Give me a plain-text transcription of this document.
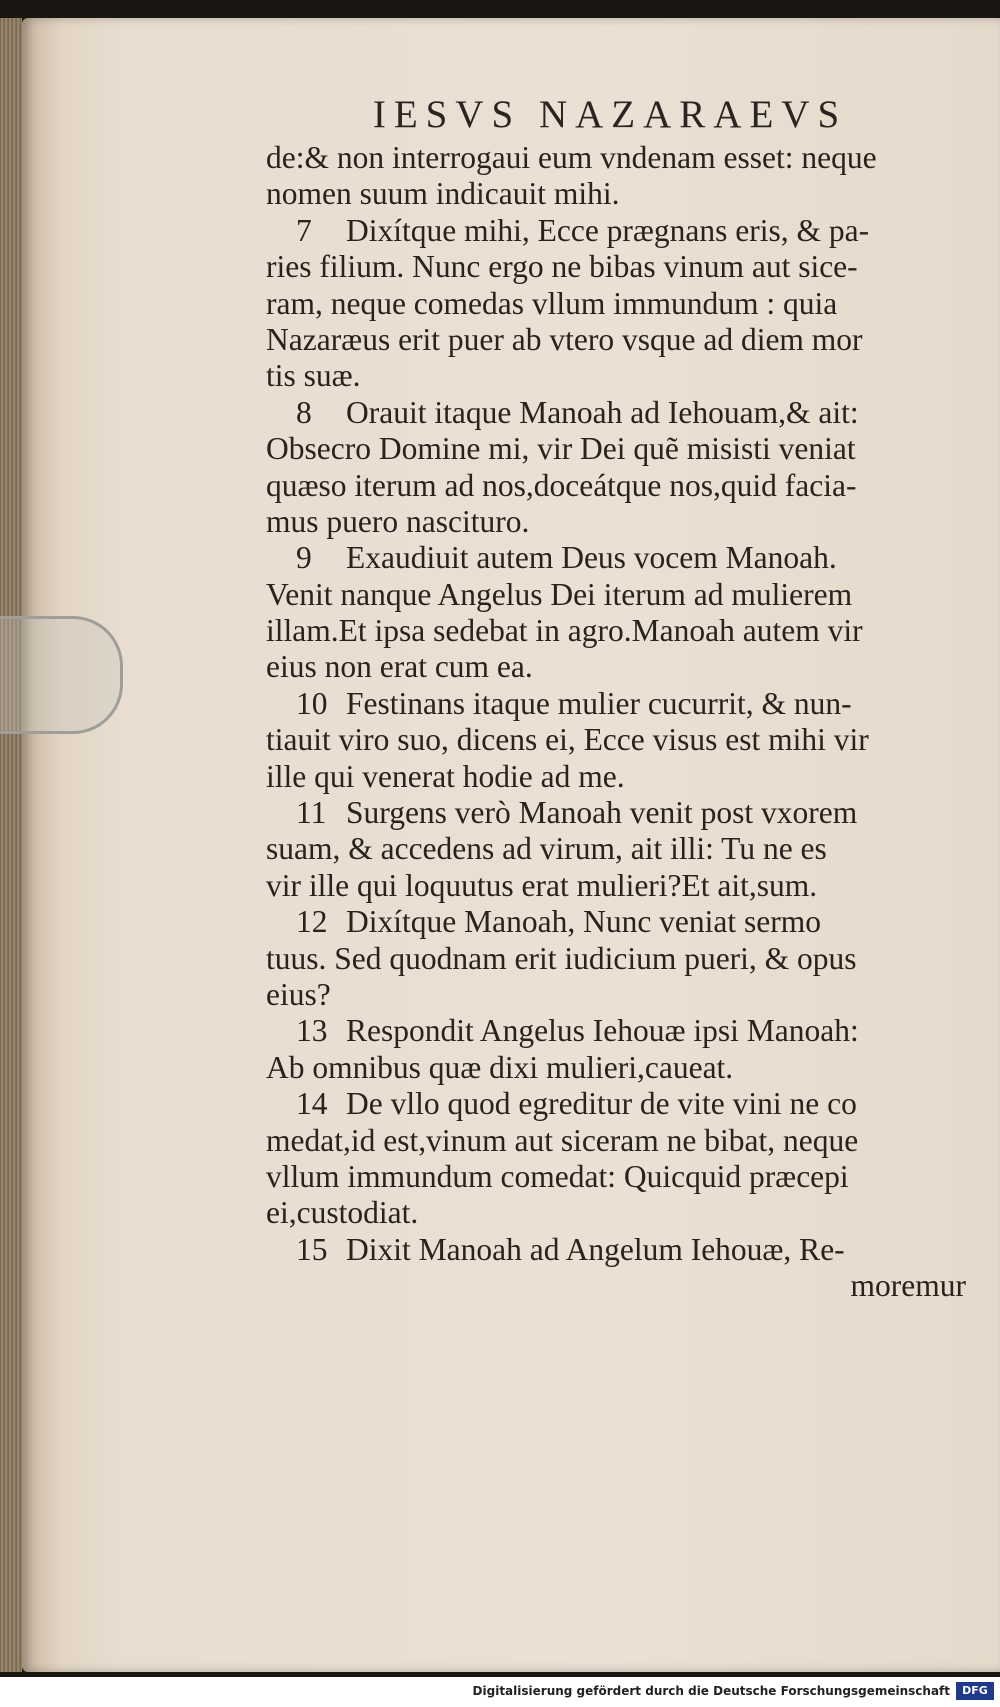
IESVS NAZARAEVS
de:& non interrogaui eum vndenam esset: neque
nomen suum indicauit mihi.
7 Dixítque mihi, Ecce prægnans eris, & pa-
ries filium. Nunc ergo ne bibas vinum aut sice-
ram, neque comedas vllum immundum : quia
Nazaræus erit puer ab vtero vsque ad diem mor
tis suæ.
8 Orauit itaque Manoah ad Iehouam,& ait:
Obsecro Domine mi, vir Dei quẽ misisti veniat
quæso iterum ad nos,doceátque nos,quid facia-
mus puero nascituro.
9 Exaudiuit autem Deus vocem Manoah.
Venit nanque Angelus Dei iterum ad mulierem
illam.Et ipsa sedebat in agro.Manoah autem vir
eius non erat cum ea.
10 Festinans itaque mulier cucurrit, & nun-
tiauit viro suo, dicens ei, Ecce visus est mihi vir
ille qui venerat hodie ad me.
11 Surgens verò Manoah venit post vxorem
suam, & accedens ad virum, ait illi: Tu ne es
vir ille qui loquutus erat mulieri?Et ait,sum.
12 Dixítque Manoah, Nunc veniat sermo
tuus. Sed quodnam erit iudicium pueri, & opus
eius?
13 Respondit Angelus Iehouæ ipsi Manoah:
Ab omnibus quæ dixi mulieri,caueat.
14 De vllo quod egreditur de vite vini ne co
medat,id est,vinum aut siceram ne bibat, neque
vllum immundum comedat: Quicquid præcepi
ei,custodiat.
15 Dixit Manoah ad Angelum Iehouæ, Re-
moremur
Digitalisierung gefördert durch die Deutsche Forschungsgemeinschaft	DFG
